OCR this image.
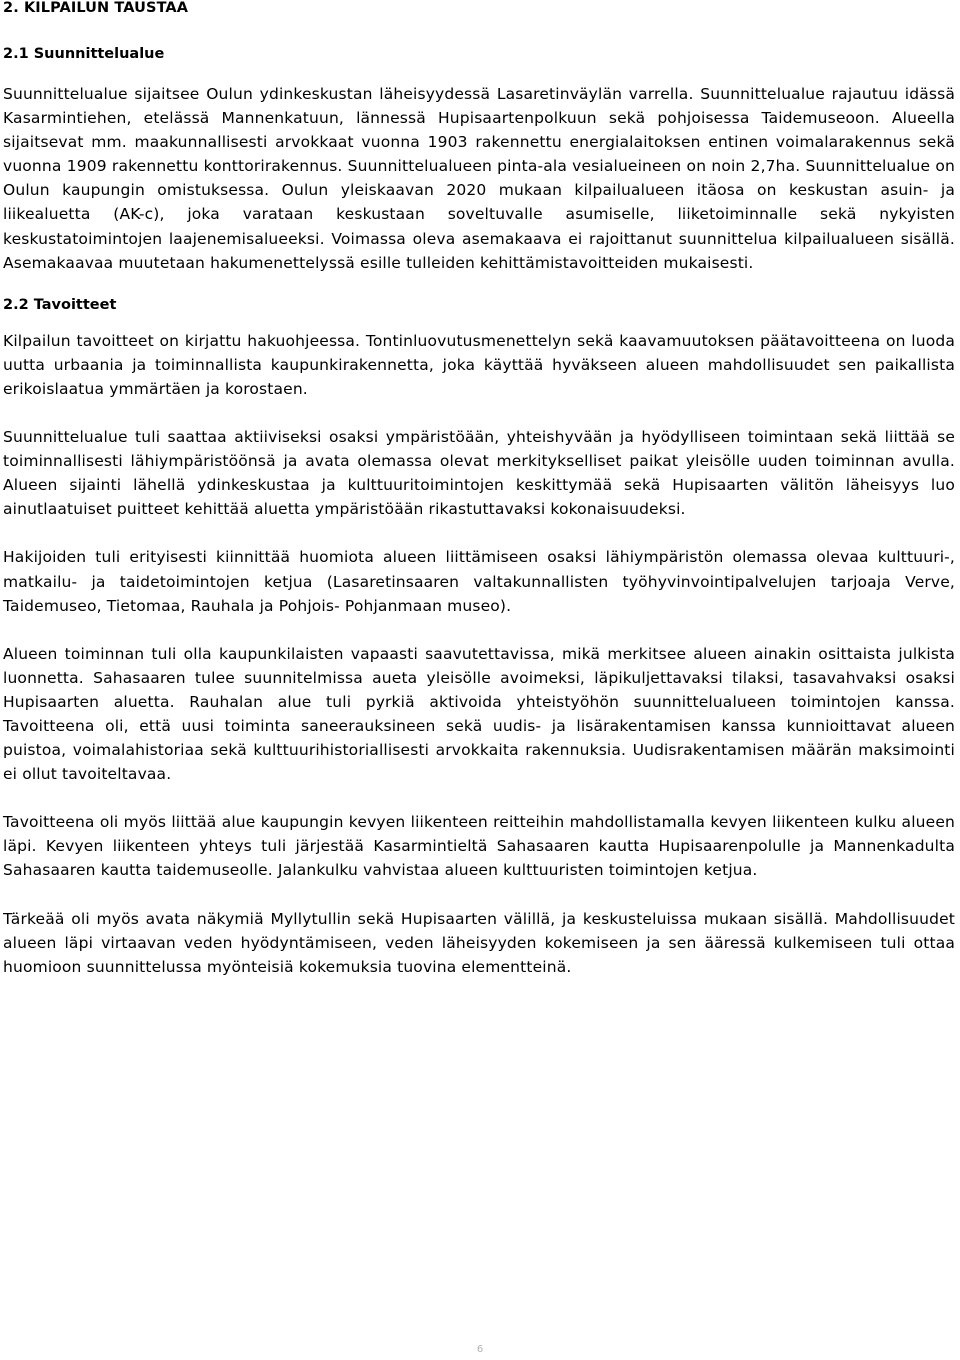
2. KILPAILUN TAUSTAA
2.1 Suunnittelualue

Suunnittelualue sijaitsee Oulun ydinkeskustan läheisyydessä Lasaretinväylän varrella. Suunnittelualue rajautuu idässä Kasarmintiehen, etelässä Mannenkatuun, lännessä Hupisaartenpolkuun sekä pohjoisessa Taidemuseoon. Alueella sijaitsevat mm. maakunnallisesti arvokkaat vuonna 1903 rakennettu energialaitoksen entinen voimalarakennus sekä vuonna 1909 rakennettu konttorirakennus. Suunnittelualueen pinta-ala vesialueineen on noin 2,7ha. Suunnittelualue on Oulun kaupungin omistuksessa. Oulun yleiskaavan 2020 mukaan kilpailualueen itäosa on keskustan asuin- ja liikealuetta (AK-c), joka varataan keskustaan soveltuvalle asumiselle, liiketoiminnalle sekä nykyisten keskustatoimintojen laajenemisalueeksi. Voimassa oleva asemakaava ei rajoittanut suunnittelua kilpailualueen sisällä. Asemakaavaa muutetaan hakumenettelyssä esille tulleiden kehittämistavoitteiden mukaisesti.

2.2 Tavoitteet

Kilpailun tavoitteet on kirjattu hakuohjeessa. Tontinluovutusmenettelyn sekä kaavamuutoksen päätavoitteena on luoda uutta urbaania ja toiminnallista kaupunkirakennetta, joka käyttää hyväkseen alueen mahdollisuudet sen paikallista erikoislaatua ymmärtäen ja korostaen.

Suunnittelualue tuli saattaa aktiiviseksi osaksi ympäristöään, yhteishyvään ja hyödylliseen toimintaan sekä liittää se toiminnallisesti lähiympäristöönsä ja avata olemassa olevat merkitykselliset paikat yleisölle uuden toiminnan avulla. Alueen sijainti lähellä ydinkeskustaa ja kulttuuritoimintojen keskittymää sekä Hupisaarten välitön läheisyys luo ainutlaatuiset puitteet kehittää aluetta ympäristöään rikastuttavaksi kokonaisuudeksi.

Hakijoiden tuli erityisesti kiinnittää huomiota alueen liittämiseen osaksi lähiympäristön olemassa olevaa kulttuuri-, matkailu- ja taidetoimintojen ketjua (Lasaretinsaaren valtakunnallisten työhyvinvointipalvelujen tarjoaja Verve, Taidemuseo, Tietomaa, Rauhala ja Pohjois- Pohjanmaan museo).

Alueen toiminnan tuli olla kaupunkilaisten vapaasti saavutettavissa, mikä merkitsee alueen ainakin osittaista julkista luonnetta. Sahasaaren tulee suunnitelmissa aueta yleisölle avoimeksi, läpikuljettavaksi tilaksi, tasavahvaksi osaksi Hupisaarten aluetta. Rauhalan alue tuli pyrkiä aktivoida yhteistyöhön suunnittelualueen toimintojen kanssa. Tavoitteena oli, että uusi toiminta saneerauksineen sekä uudis- ja lisärakentamisen kanssa kunnioittavat alueen puistoa, voimalahistoriaa sekä kulttuurihistoriallisesti arvokkaita rakennuksia. Uudisrakentamisen määrän maksimointi ei ollut tavoiteltavaa.

Tavoitteena oli myös liittää alue kaupungin kevyen liikenteen reitteihin mahdollistamalla kevyen liikenteen kulku alueen läpi. Kevyen liikenteen yhteys tuli järjestää Kasarmintieltä Sahasaaren kautta Hupisaarenpolulle ja Mannenkadulta Sahasaaren kautta taidemuseolle. Jalankulku vahvistaa alueen kulttuuristen toimintojen ketjua.

Tärkeää oli myös avata näkymiä Myllytullin sekä Hupisaarten välillä, ja keskusteluissa mukaan sisällä. Mahdollisuudet alueen läpi virtaavan veden hyödyntämiseen, veden läheisyyden kokemiseen ja sen ääressä kulkemiseen tuli ottaa huomioon suunnittelussa myönteisiä kokemuksia tuovina elementteinä.

6
